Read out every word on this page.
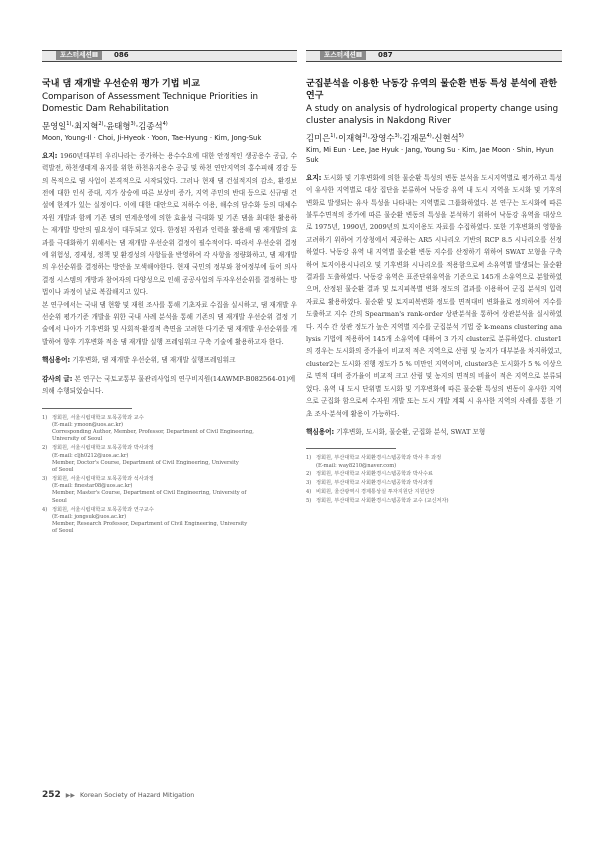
포스터세션Ⅲ	086
국내 댐 재개발 우선순위 평가 기법 비교
Comparison of Assessment Technique Priorities in Domestic Dam Rehabilitation
문영일$^{1)}$·최지혁$^{2)}$·윤태형$^{3)}$·김종석$^{4)}$
Moon, Young-Il · Choi, Ji-Hyeok · Yoon, Tae-Hyung · Kim, Jong-Suk
요지: 1960년대부터 우리나라는 증가하는 용수수요에 대한 안정적인 생공용수 공급, 수력발전, 하천생태계 유지를 위한 하천유지용수 공급 및 하천 연안지역의 홍수피해 경감 등의 목적으로 댐 사업이 본격적으로 시작되었다. 그러나 현재 댐 건설적지의 감소, 환경보전에 대한 인식 증대, 지가 상승에 따른 보상비 증가, 지역 주민의 반대 등으로 신규댐 건설에 한계가 있는 실정이다. 이에 대한 대안으로 저하수 이용, 해수의 담수화 등의 대체수자원 개발과 함께 기존 댐의 연계운영에 의한 효율성 극대화 및 기존 댐을 최대한 활용하는 재개발 방안의 필요성이 대두되고 있다. 한정된 자원과 인력을 활용해 댐 재개발의 효과를 극대화하기 위해서는 댐 재개발 우선순위 결정이 필수적이다. 따라서 우선순위 결정에 위험성, 경제성, 정책 및 환경성의 사항들을 반영하여 각 사항을 정량화하고, 댐 재개발의 우선순위를 결정하는 방안을 모색해야한다. 현재 국민의 정부와 참여정부에 들어 의사결정 시스템의 개방과 참여자의 다양성으로 인해 공공사업의 두자우선순위를 결정하는 방법이나 과정이 날로 복잡해지고 있다.
본 연구에서는 국내 댐 현황 및 재원 조사를 통해 기초자료 수집을 실시하고, 댐 재개발 우선순위 평가기준 개발을 위한 국내 사례 분석을 통해 기존의 댐 재개발 우선순위 결정 기술에서 나아가 기후변화 및 사회적·환경적 측면을 고려한 다기준 댐 재개발 우선순위를 개발하여 향후 기후변화 적응 댐 재개발 실행 프레임워크 구축 기술에 활용하고자 한다.
핵심용어: 기후변화, 댐 재개발 우선순위, 댐 재개발 실행프레임워크
감사의 글: 본 연구는 국토교통부 물관리사업의 연구비지원(14AWMP-B082564-01)에 의해 수행되었습니다.
1) 정회원, 서울시립대학교 토목공학과 교수
(E-mail: ymoon@uos.ac.kr)
Corresponding Author, Member, Professor, Department of Civil Engineering,
University of Seoul
2) 정회원, 서울시립대학교 토목공학과 박사과정
(E-mail: cljh0212@uos.ac.kr)
Member, Doctor's Course, Department of Civil Engineering, University
of Seoul
3) 정회원, 서울시립대학교 토목공학과 석사과정
(E-mail: finestar08@uos.ac.kr)
Member, Master's Course, Department of Civil Engineering, University of
Seoul
4) 정회원, 서울시립대학교 토목공학과 연구교수
(E-mail: jongsuk@uos.ac.kr)
Member, Research Professor, Department of Civil Engineering, University
of Seoul
포스터세션Ⅲ	087
군집분석을 이용한 낙동강 유역의 물순환 변동 특성 분석에 관한 연구
A study on analysis of hydrological property change using cluster analysis in Nakdong River
김미은$^{1)}$·이재혁$^{2)}$·장영수$^{3)}$·김재문$^{4)}$·신현석$^{5)}$
Kim, Mi Eun · Lee, Jae Hyuk · Jang, Young Su · Kim, Jae Moon · Shin, Hyun Suk
요지: 도시화 및 기후변화에 의한 물순환 특성의 변동 분석을 도시지역별로 평가하고 특성이 유사한 지역별로 대상 집단을 분류하여 낙동강 유역 내 도시 지역을 도시화 및 기후의 변화로 발생되는 유사 특성을 나타내는 지역별로 그룹화하였다. 본 연구는 도시화에 따른 불투수면적의 증가에 따른 물순환 변동의 특성을 분석하기 위하여 낙동강 유역을 대상으로 1975년, 1990년, 2009년의 토지이용도 자료를 수집하였다. 또한 기후변화의 영향을 고려하기 위하여 기상청에서 제공하는 AR5 시나리오 기반의 RCP 8.5 시나리오를 선정하였다. 낙동강 유역 내 지역별 물순환 변동 지수를 산정하기 위하여 SWAT 모형을 구축하여 토지이용시나리오 및 기후변화 시나리오를 적용함으로써 소유역별 발생되는 물순환 결과를 도출하였다. 낙동강 유역은 표준단위유역을 기준으로 145개 소유역으로 분할하였으며, 산정된 물순환 결과 및 토지피복별 변화 정도의 결과를 이용하여 군집 분석의 입력자료로 활용하였다. 물순환 및 토지피복변화 정도를 면적대비 변화율로 정의하여 지수를 도출하고 지수 간의 Spearman's rank-order 상관분석을 통하여 상관분석을 실시하였다. 지수 간 상관 정도가 높은 지역별 지수를 군집분석 기법 중 k-means clustering analysis 기법에 적용하여 145개 소유역에 대하여 3 가지 cluster로 분류하였다. cluster1의 경우는 도시화의 증가율이 비교적 적은 지역으로 산림 및 농지가 대부분을 차지하였고, cluster2는 도시화 진행 정도가 5 % 미만인 지역이며, cluster3은 도시화가 5 % 이상으로 면적 대비 증가율이 비교적 크고 산림 및 농지의 면적의 비율이 적은 지역으로 분류되었다. 유역 내 도시 단위별 도시화 및 기후변화에 따른 물순환 특성의 변동이 유사한 지역으로 군집화 함으로써 수자원 개발 또는 도시 개발 계획 시 유사한 지역의 사례를 통한 기초 조사·분석에 활용이 가능하다.
핵심용어: 기후변화, 도시화, 물순환, 군집화 분석, SWAT 모형
1) 정회원, 부산대학교 사회환경시스템공학과 박사 후 과정
(E-mail: way8210@naver.com)
2) 정회원, 부산대학교 사회환경시스템공학과 박사수료
3) 정회원, 부산대학교 사회환경시스템공학과 박사과정
4) 비회원, 울산광역시 경제통상실 투자지원단 지원단장
5) 정회원, 부산대학교 사회환경시스템공학과 교수 (교신저자)
252 ▶▶ Korean Society of Hazard Mitigation
